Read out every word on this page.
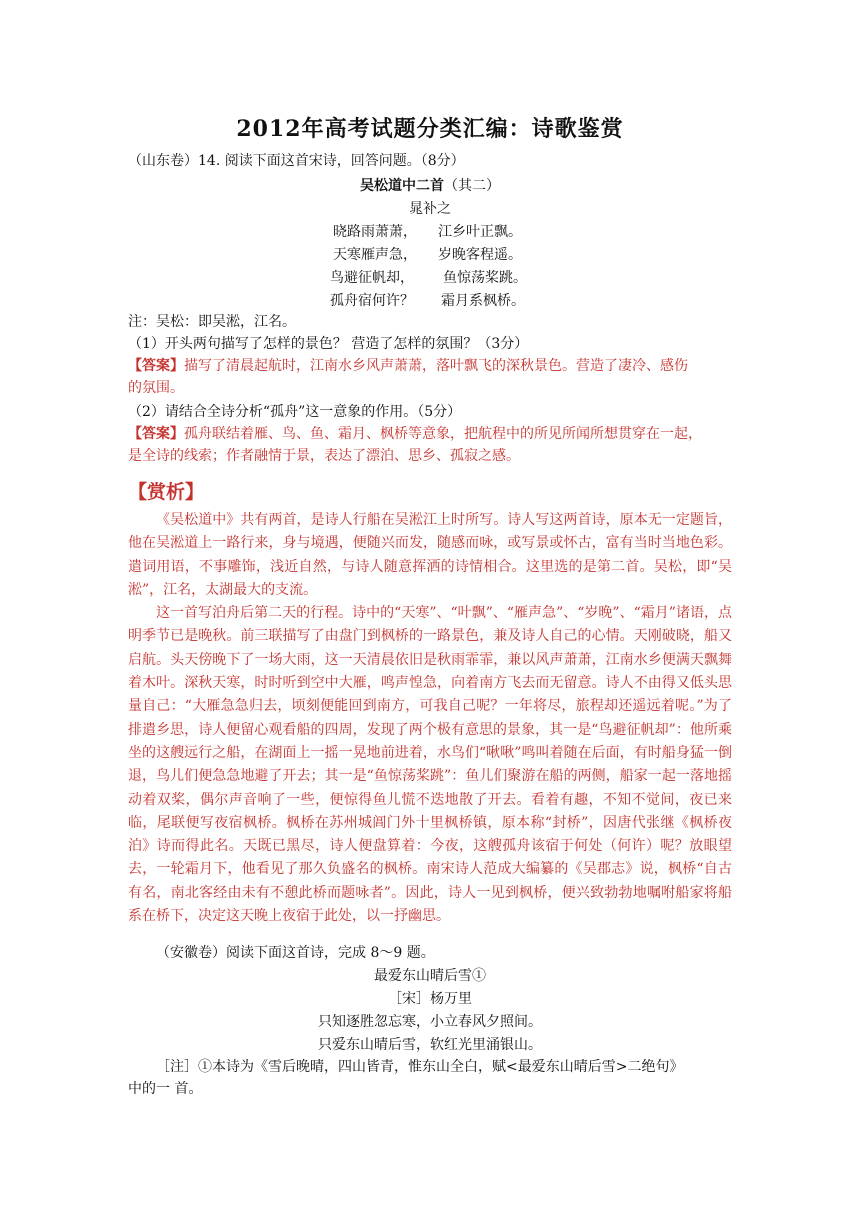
2012年高考试题分类汇编：诗歌鉴赏
（山东卷）14. 阅读下面这首宋诗，回答问题。（8分）
吴松道中二首（其二）
晁补之
晓路雨萧萧， 江乡叶正飘。
天寒雁声急， 岁晚客程遥。
鸟避征帆却， 鱼惊荡桨跳。
孤舟宿何许？ 霜月系枫桥。
注：吴松：即吴淞，江名。
（1）开头两句描写了怎样的景色？ 营造了怎样的氛围？（3分）
【答案】描写了清晨起航时，江南水乡风声萧萧，落叶飘飞的深秋景色。营造了凄冷、感伤
的氛围。
（2）请结合全诗分析“孤舟”这一意象的作用。（5分）
【答案】孤舟联结着雁、鸟、鱼、霜月、枫桥等意象，把航程中的所见所闻所想贯穿在一起，
是全诗的线索；作者融情于景，表达了漂泊、思乡、孤寂之感。
【赏析】

《吴松道中》共有两首，是诗人行船在吴淞江上时所写。诗人写这两首诗，原本无一定题旨，他在吴淞道上一路行来，身与境遇，便随兴而发，随感而咏，或写景或怀古，富有当时当地色彩。遣词用语，不事雕饰，浅近自然，与诗人随意挥洒的诗情相合。这里选的是第二首。吴松，即“吴淞”，江名，太湖最大的支流。

这一首写泊舟后第二天的行程。诗中的“天寒”、“叶飘”、“雁声急”、“岁晚”、“霜月”诸语，点明季节已是晚秋。前三联描写了由盘门到枫桥的一路景色，兼及诗人自己的心情。天刚破晓，船又启航。头天傍晚下了一场大雨，这一天清晨依旧是秋雨霏霏，兼以风声萧萧，江南水乡便满天飘舞着木叶。深秋天寒，时时听到空中大雁，鸣声惶急，向着南方飞去而无留意。诗人不由得又低头思量自己：“大雁急急归去，顷刻便能回到南方，可我自己呢？一年将尽，旅程却还遥远着呢。”为了排遣乡思，诗人便留心观看船的四周，发现了两个极有意思的景象，其一是“鸟避征帆却”：他所乘坐的这艘远行之船，在湖面上一摇一晃地前进着，水鸟们“啾啾”鸣叫着随在后面，有时船身猛一倒退，鸟儿们便急急地避了开去；其一是“鱼惊荡桨跳”：鱼儿们聚游在船的两侧，船家一起一落地摇动着双桨，偶尔声音响了一些，便惊得鱼儿慌不迭地散了开去。看着有趣，不知不觉间，夜已来临，尾联便写夜宿枫桥。枫桥在苏州城阊门外十里枫桥镇，原本称“封桥”，因唐代张继《枫桥夜泊》诗而得此名。天既已黑尽，诗人便盘算着：今夜，这艘孤舟该宿于何处（何许）呢？放眼望去，一轮霜月下，他看见了那久负盛名的枫桥。南宋诗人范成大编纂的《吴郡志》说，枫桥“自古有名，南北客经由未有不憩此桥而题咏者”。因此，诗人一见到枫桥，便兴致勃勃地嘱咐船家将船系在桥下，决定这天晚上夜宿于此处，以一抒幽思。

（安徽卷）阅读下面这首诗，完成 8～9 题。
最爱东山晴后雪①
［宋］杨万里
只知逐胜忽忘寒，小立春风夕照间。
只爱东山晴后雪，软红光里涌银山。
［注］①本诗为《雪后晚晴，四山皆青，惟东山全白，赋<最爱东山晴后雪>二绝句》
中的一 首。
